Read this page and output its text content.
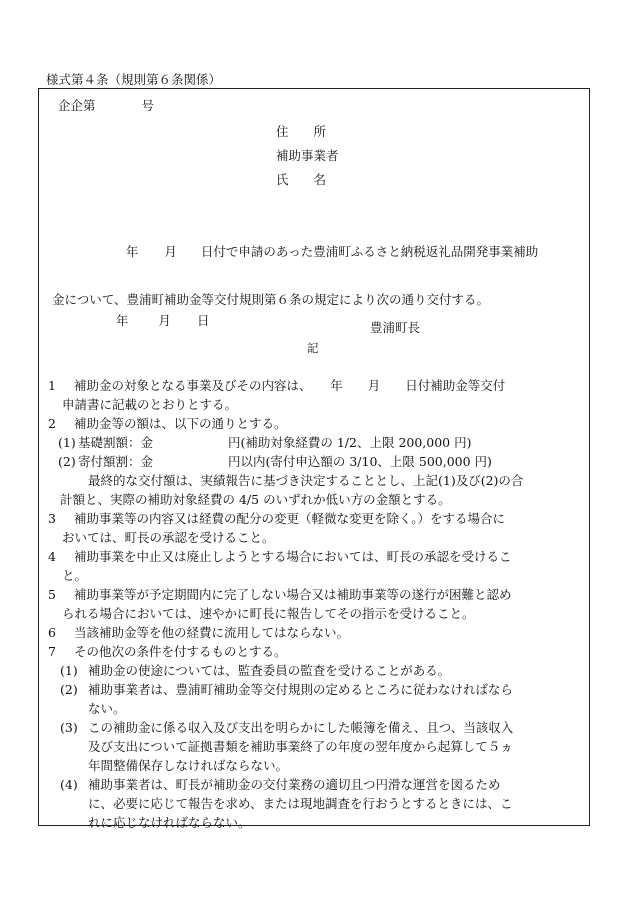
様式第４条（規則第６条関係）
企企第	号
住　　所
補助事業者
氏　　名

年 月 日付で申請のあった豊浦町ふるさと納税返礼品開発事業補助

金について、豊浦町補助金等交付規則第６条の規定により次の通り交付する。

年 月 日
	豊浦町長
記
1	補助金の対象となる事業及びその内容は、　　年　　月　　日付補助金等交付
申請書に記載のとおりとする。
2	補助金等の額は、以下の通りとする。
(1) 基礎割額：金　　　　　　円(補助対象経費の 1/2、上限 200,000 円)
(2) 寄付額割：金　　　　　　円以内(寄付申込額の 3/10、上限 500,000 円)
最終的な交付額は、実績報告に基づき決定することとし、上記(1)及び(2)の合
計額と、実際の補助対象経費の 4/5 のいずれか低い方の金額とする。
3	補助事業等の内容又は経費の配分の変更（軽微な変更を除く。）をする場合に
おいては、町長の承認を受けること。
4	補助事業を中止又は廃止しようとする場合においては、町長の承認を受けるこ
と。
5	補助事業等が予定期間内に完了しない場合又は補助事業等の遂行が困難と認め
られる場合においては、速やかに町長に報告してその指示を受けること。
6	当該補助金等を他の経費に流用してはならない。
7	その他次の条件を付するものとする。
(1) 補助金の使途については、監査委員の監査を受けることがある。
(2) 補助事業者は、豊浦町補助金等交付規則の定めるところに従わなければなら
ない。
(3) この補助金に係る収入及び支出を明らかにした帳簿を備え、且つ、当該収入
及び支出について証拠書類を補助事業終了の年度の翌年度から起算して５ヵ
年間整備保存しなければならない。
(4) 補助事業者は、町長が補助金の交付業務の適切且つ円滑な運営を図るため
に、必要に応じて報告を求め、または現地調査を行おうとするときには、こ
れに応じなければならない。
